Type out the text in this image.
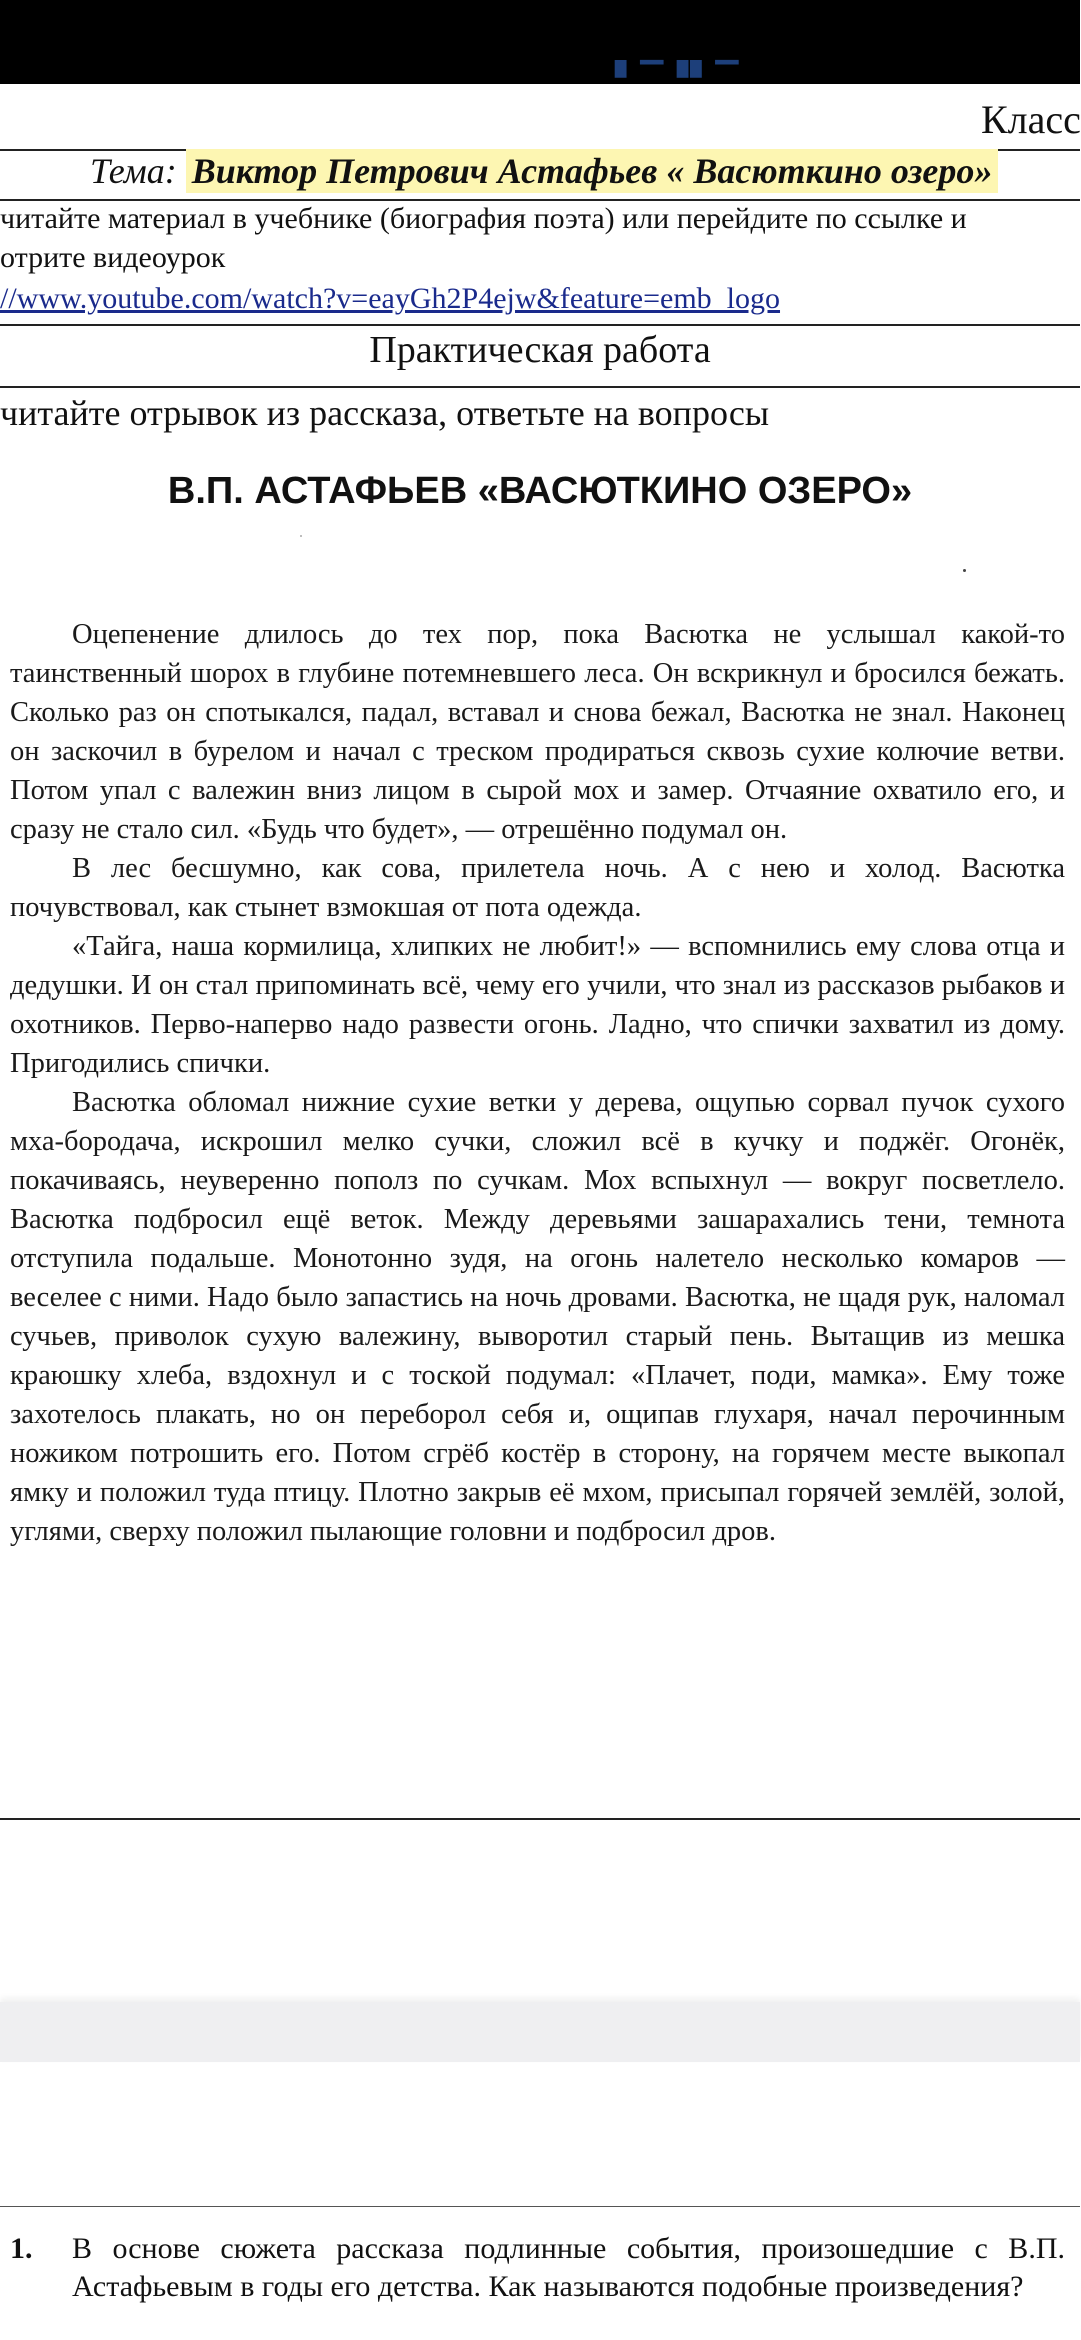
▘▔▝▘▔
Класс
Тема: Виктор Петрович Астафьев « Васюткино озеро»
читайте материал в учебнике (биография поэта) или перейдите по ссылке и
отрите видеоурок
//www.youtube.com/watch?v=eayGh2P4ejw&feature=emb_logo
Практическая работа
читайте отрывок из рассказа, ответьте на вопросы
В.П. АСТАФЬЕВ «ВАСЮТКИНО ОЗЕРО»

Оцепенение длилось до тех пор, пока Васютка не услышал какой-то таинственный шорох в глубине потемневшего леса. Он вскрикнул и бросился бежать. Сколько раз он спотыкался, падал, вставал и снова бежал, Васютка не знал. Наконец он заскочил в бурелом и начал с треском продираться сквозь сухие колючие ветви. Потом упал с валежин вниз лицом в сырой мох и замер. Отчаяние охватило его, и сразу не стало сил. «Будь что будет», — отрешённо подумал он.

В лес бесшумно, как сова, прилетела ночь. А с нею и холод. Васютка почувствовал, как стынет взмокшая от пота одежда.

«Тайга, наша кормилица, хлипких не любит!» — вспомнились ему слова отца и дедушки. И он стал припоминать всё, чему его учили, что знал из рассказов рыбаков и охотников. Перво-наперво надо развести огонь. Ладно, что спички захватил из дому. Пригодились спички.

Васютка обломал нижние сухие ветки у дерева, ощупью сорвал пучок сухого мха-бородача, искрошил мелко сучки, сложил всё в кучку и поджёг. Огонёк, покачиваясь, неуверенно пополз по сучкам. Мох вспыхнул — вокруг посветлело. Васютка подбросил ещё веток. Между деревьями зашарахались тени, темнота отступила подальше. Монотонно зудя, на огонь налетело несколько комаров — веселее с ними. Надо было запастись на ночь дровами. Васютка, не щадя рук, наломал сучьев, приволок сухую валежину, выворотил старый пень. Вытащив из мешка краюшку хлеба, вздохнул и с тоской подумал: «Плачет, поди, мамка». Ему тоже захотелось плакать, но он переборол себя и, ощипав глухаря, начал перочинным ножиком потрошить его. Потом сгрёб костёр в сторону, на горячем месте выкопал ямку и положил туда птицу. Плотно закрыв её мхом, присыпал горячей землёй, золой, углями, сверху положил пылающие головни и подбросил дров.

1. В основе сюжета рассказа подлинные события, произошедшие с В.П. Астафьевым в годы его детства. Как называются подобные произведения?
